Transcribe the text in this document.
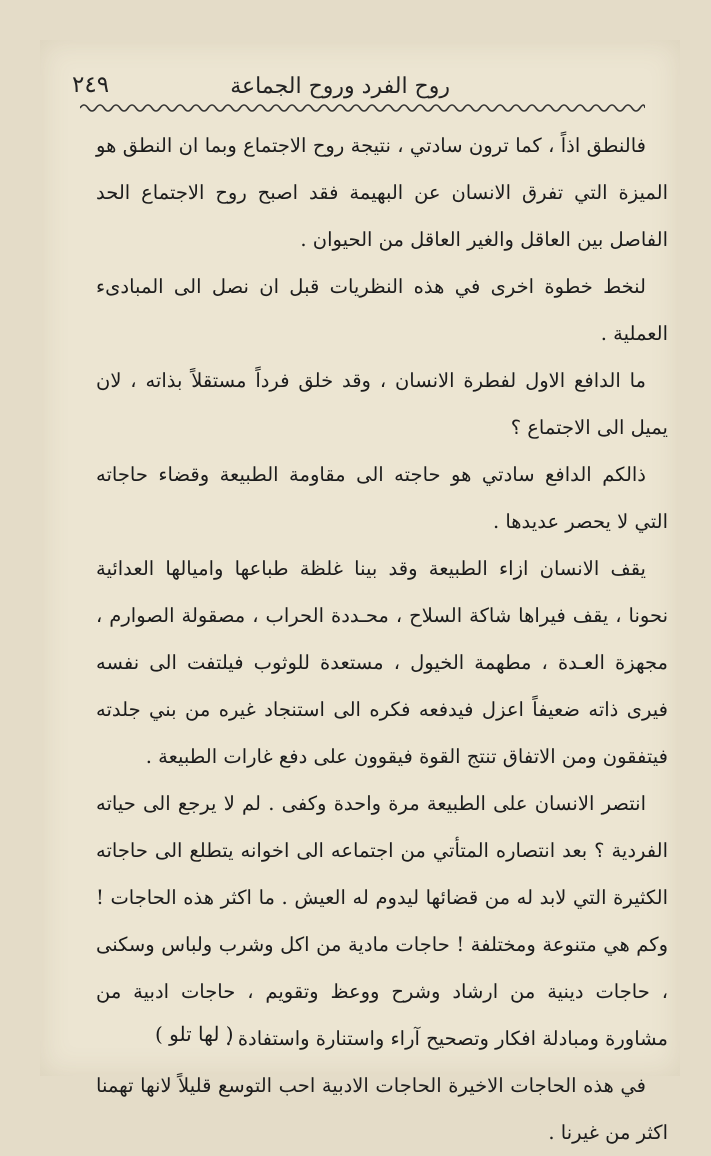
روح الفرد وروح الجماعة
٢٤٩

فالنطق اذاً ، كما ترون سادتي ، نتيجة روح الاجتماع وبما ان النطق هو الميزة التي تفرق الانسان عن البهيمة فقد اصبح روح الاجتماع الحد الفاصل بين العاقل والغير العاقل من الحيوان .

لنخط خطوة اخرى في هذه النظريات قبل ان نصل الى المبادىء العملية .

ما الدافع الاول لفطرة الانسان ، وقد خلق فرداً مستقلاً بذاته ، لان يميل الى الاجتماع ؟

ذالكم الدافع سادتي هو حاجته الى مقاومة الطبيعة وقضاء حاجاته التي لا يحصر عديدها .

يقف الانسان ازاء الطبيعة وقد بينا غلظة طباعها واميالها العدائية نحونا ، يقف فيراها شاكة السلاح ، محـددة الحراب ، مصقولة الصوارم ، مجهزة العـدة ، مطهمة الخيول ، مستعدة للوثوب فيلتفت الى نفسه فيرى ذاته ضعيفاً اعزل فيدفعه فكره الى استنجاد غيره من بني جلدته فيتفقون ومن الاتفاق تنتج القوة فيقوون على دفع غارات الطبيعة .

انتصر الانسان على الطبيعة مرة واحدة وكفى . لم لا يرجع الى حياته الفردية ؟ بعد انتصاره المتأتي من اجتماعه الى اخوانه يتطلع الى حاجاته الكثيرة التي لابد له من قضائها ليدوم له العيش . ما اكثر هذه الحاجات ! وكم هي متنوعة ومختلفة ! حاجات مادية من اكل وشرب ولباس وسكنى ، حاجات دينية من ارشاد وشرح ووعظ وتقويم ، حاجات ادبية من مشاورة ومبادلة افكار وتصحيح آراء واستنارة واستفادة .

في هذه الحاجات الاخيرة الحاجات الادبية احب التوسع قليلاً لانها تهمنا اكثر من غيرنا .

( لها تلو )
